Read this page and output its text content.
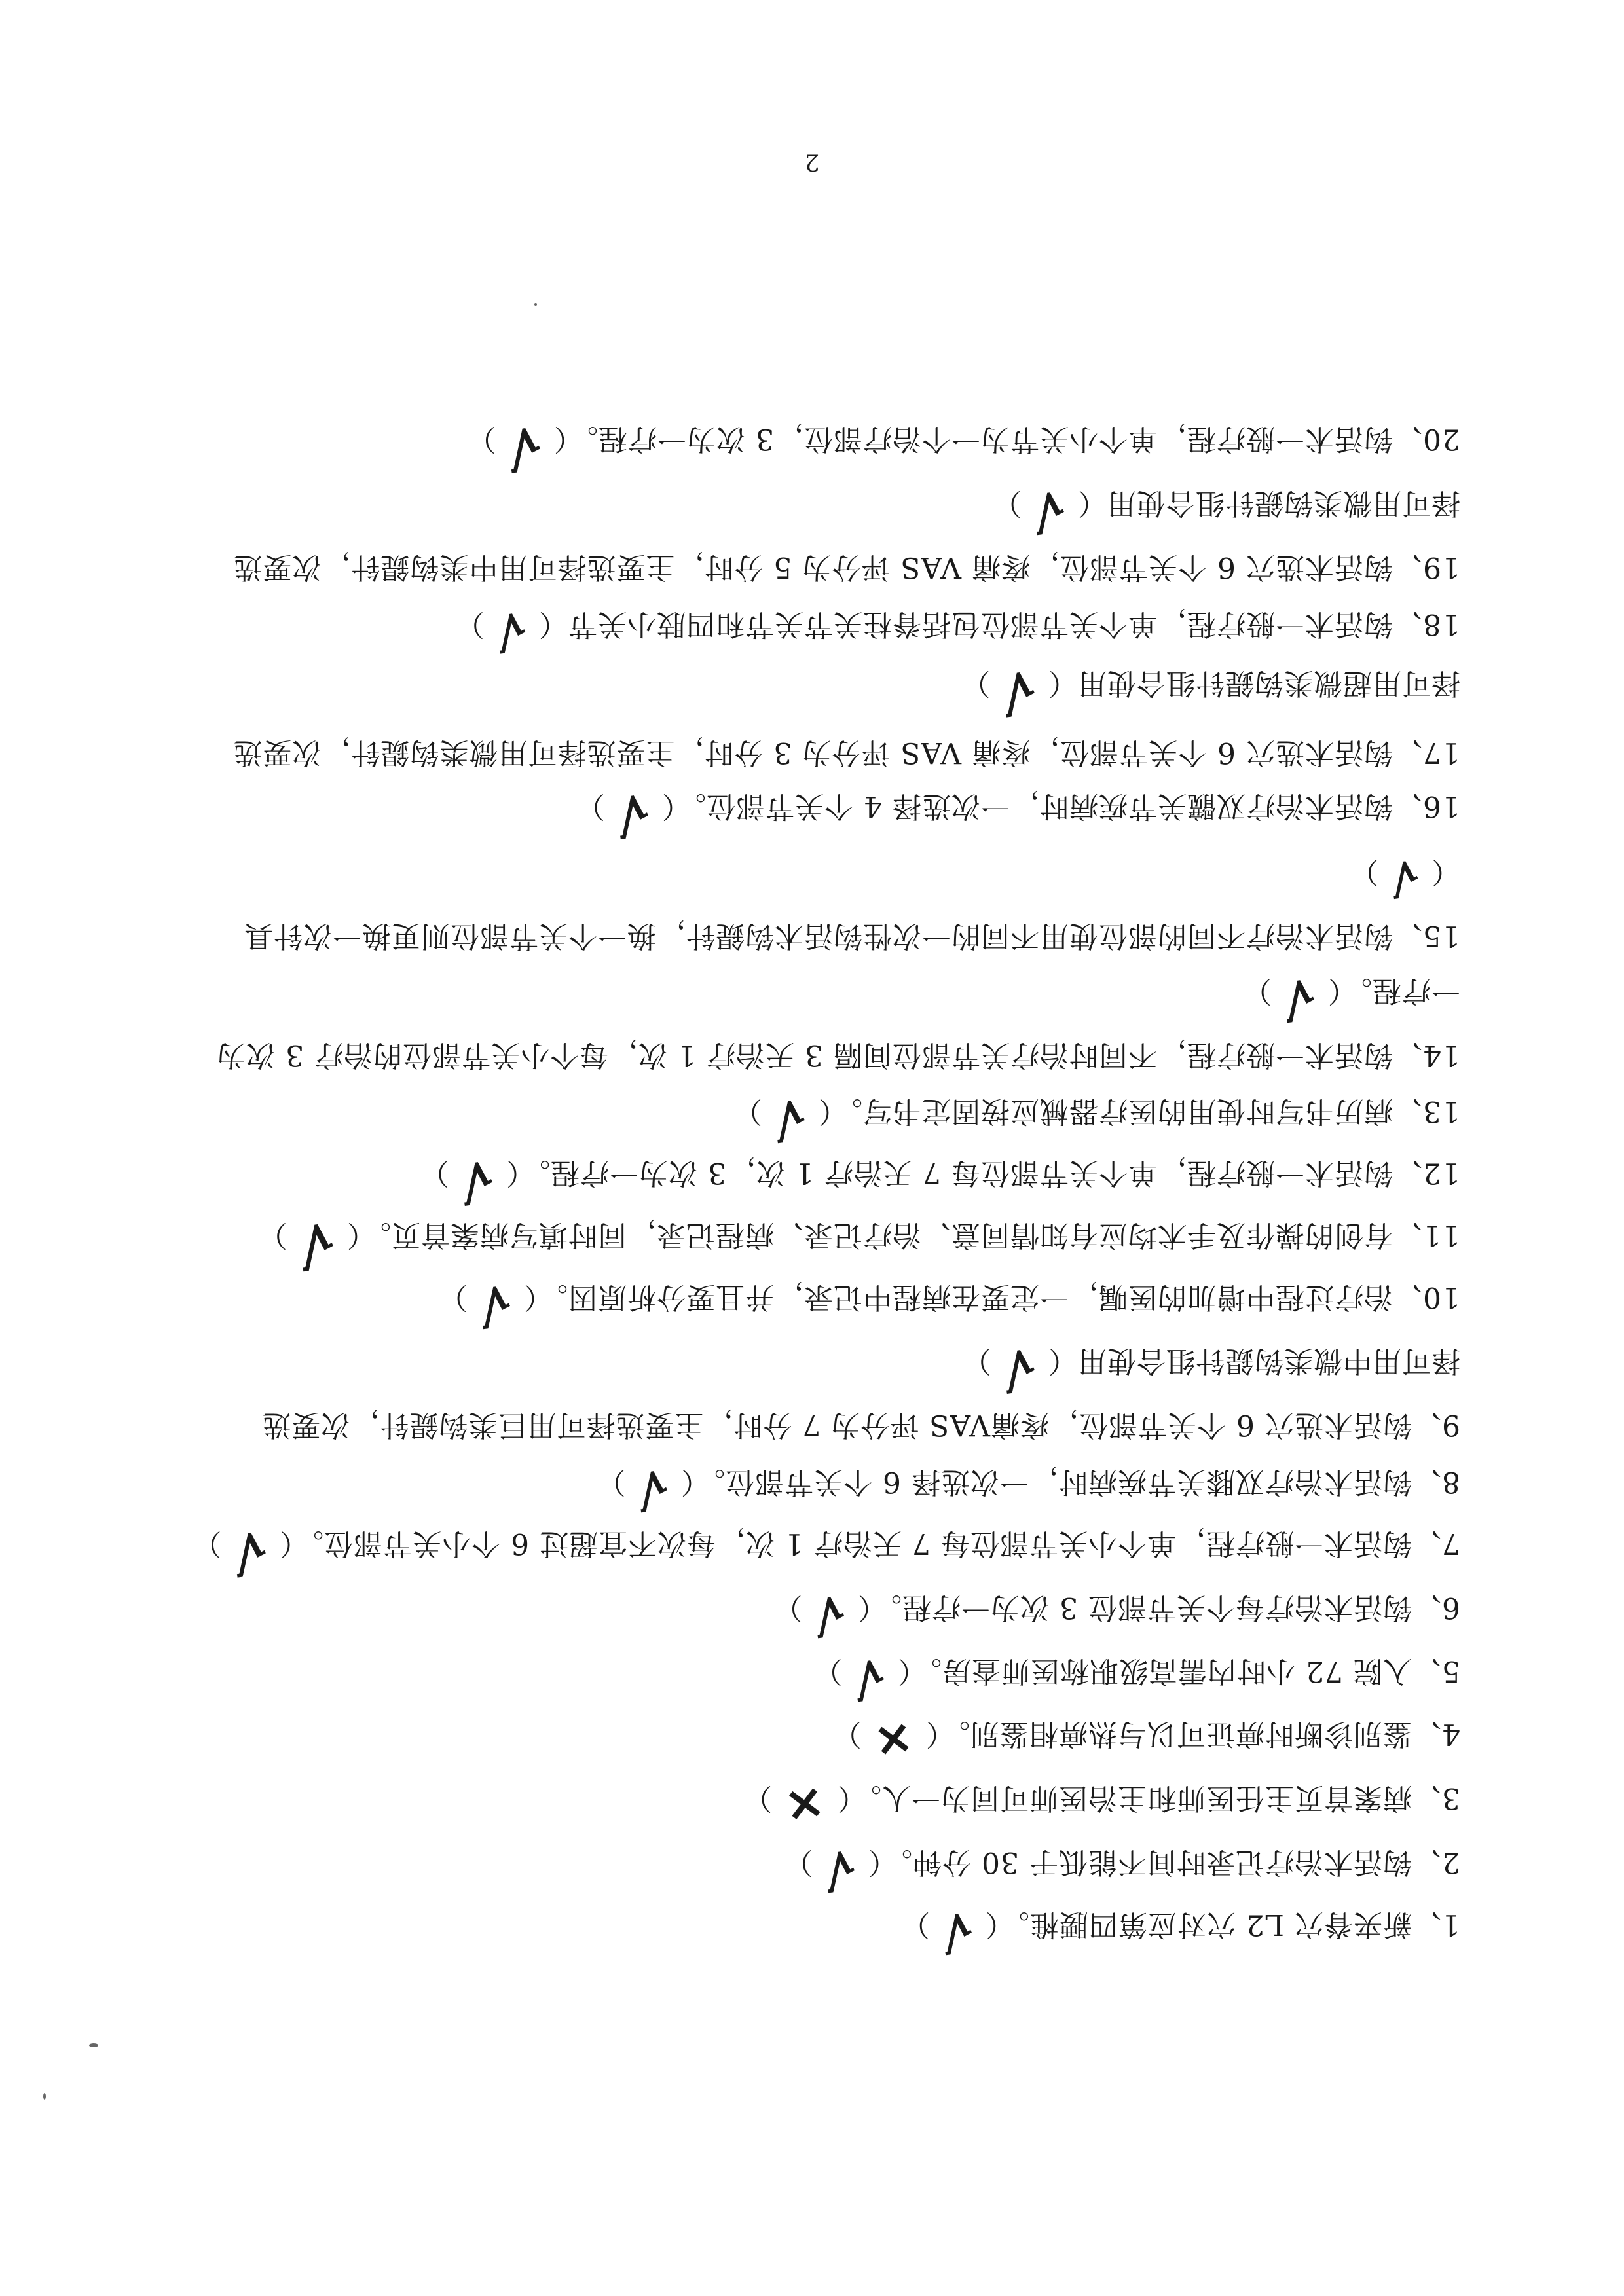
1、新夹脊穴 L2 穴对应第四腰椎。（√）
2、钩活术治疗记录时间不能低于 30 分钟。（√）
3、病案首页主任医师和主治医师可同为一人。（×）
4、鉴别诊断时痹证可以与热痹相鉴别。（×）
5、入院 72 小时内需高级职称医师查房。（√）
6、钩活术治疗每个关节部位 3 次为一疗程。（√）
7、钩活术一般疗程，单个小关节部位每 7 天治疗 1 次，每次不宜超过 6 个小关节部位。（√）
8、钩活术治疗双膝关节疾病时，一次选择 6 个关节部位。（√）
9、钩活术选穴 6 个关节部位，疼痛VAS 评分为 7 分时，主要选择可用巨类钩鍉针，次要选
择可用中微类钩鍉针组合使用（√）
10、治疗过程中增加的医嘱，一定要在病程中记录，并且要分析原因。（√）
11、有创的操作及手术均应有知情同意、治疗记录、病程记录，同时填写病案首页。（√）
12、钩活术一般疗程，单个关节部位每 7 天治疗 1 次，3 次为一疗程。（√）
13、病历书写时使用的医疗器械应按固定书写。（√）
14、钩活术一般疗程，不同时治疗关节部位间隔 3 天治疗 1 次，每个小关节部位的治疗 3 次为
一疗程。（√）
15、钩活术治疗不同的部位使用不同的一次性钩活术钩鍉针，换一个关节部位则更换一次针具
（√）
16、钩活术治疗双髋关节疾病时，一次选择 4 个关节部位。（√）
17、钩活术选穴 6 个关节部位，疼痛 VAS 评分为 3 分时，主要选择可用微类钩鍉针，次要选
择可用超微类钩鍉针组合使用（√）
18、钩活术一般疗程，单个关节部位包括脊柱关节关节和四肢小关节（√）
19、钩活术选穴 6 个关节部位，疼痛 VAS 评分为 5 分时，主要选择可用中类钩鍉针，次要选
择可用微类钩鍉针组合使用（√）
20、钩活术一般疗程，单个小关节为一个治疗部位，3 次为一疗程。（√）
2
